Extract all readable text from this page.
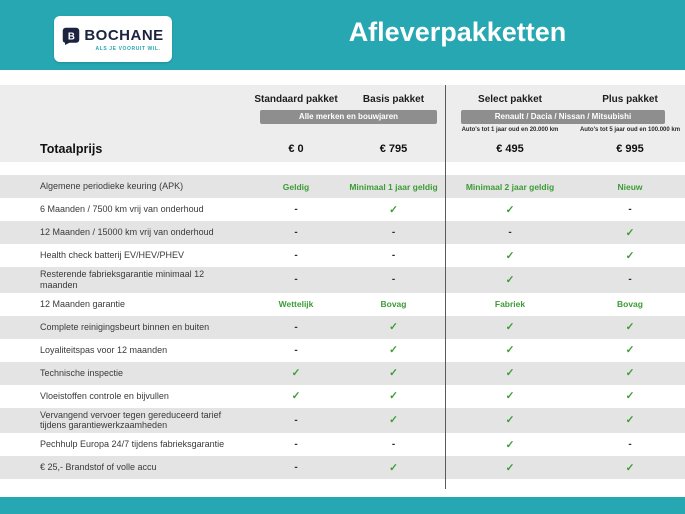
B BOCHANE
ALS JE VOORUIT WIL.
Afleverpakketten
Standaard pakket	Basis pakket	Select pakket	Plus pakket
Alle merken en bouwjaren	Renault / Dacia / Nissan / Mitsubishi
Auto's tot 1 jaar oud en 20.000 km	Auto's tot 5 jaar oud en 100.000 km
Totaalprijs	€ 0	€ 795	€ 495	€ 995
Algemene periodieke keuring (APK)	Geldig	Minimaal 1 jaar geldig	Minimaal 2 jaar geldig	Nieuw
6 Maanden / 7500 km vrij van onderhoud	-	✓	✓	-
12 Maanden / 15000 km vrij van onderhoud	-	-	-	✓
Health check batterij EV/HEV/PHEV	-	-	✓	✓
Resterende fabrieksgarantie minimaal 12 maanden	-	-	✓	-
12 Maanden garantie	Wettelijk	Bovag	Fabriek	Bovag
Complete reinigingsbeurt binnen en buiten	-	✓	✓	✓
Loyaliteitspas voor 12 maanden	-	✓	✓	✓
Technische inspectie	✓	✓	✓	✓
Vloeistoffen controle en bijvullen	✓	✓	✓	✓
Vervangend vervoer tegen gereduceerd tarief tijdens garantiewerkzaamheden	-	✓	✓	✓
Pechhulp Europa 24/7 tijdens fabrieksgarantie	-	-	✓	-
€ 25,- Brandstof of volle accu	-	✓	✓	✓
